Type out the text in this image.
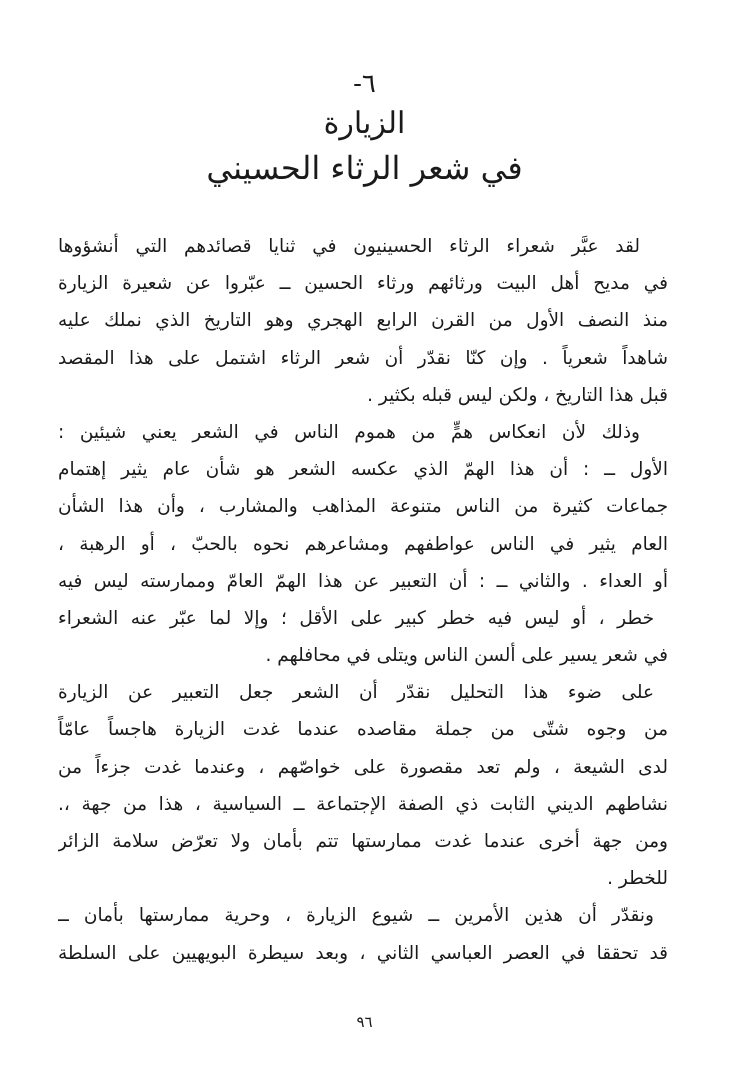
-٦
الزيارة
في شعر الرثاء الحسيني
لقد عبَّر شعراء الرثاء الحسينيون في ثنايا قصائدهم التي أنشؤوها
في مديح أهل البيت ورثائهم ورثاء الحسين ــ عبّروا عن شعيرة الزيارة
منذ النصف الأول من القرن الرابع الهجري وهو التاريخ الذي نملك عليه
شاهداً شعرياً . وإن كنّا نقدّر أن شعر الرثاء اشتمل على هذا المقصد
قبل هذا التاريخ ، ولكن ليس قبله بكثير .
وذلك لأن انعكاس همٍّ من هموم الناس في الشعر يعني شيئين :
الأول ــ : أن هذا الهمّ الذي عكسه الشعر هو شأن عام يثير إهتمام
جماعات كثيرة من الناس متنوعة المذاهب والمشارب ، وأن هذا الشأن
العام يثير في الناس عواطفهم ومشاعرهم نحوه بالحبّ ، أو الرهبة ،
أو العداء . والثاني ــ : أن التعبير عن هذا الهمّ العامّ وممارسته ليس فيه
خطر ، أو ليس فيه خطر كبير على الأقل ؛ وإلا لما عبّر عنه الشعراء
في شعر يسير على ألسن الناس ويتلى في محافلهم .
على ضوء هذا التحليل نقدّر أن الشعر جعل التعبير عن الزيارة
من وجوه شتّى من جملة مقاصده عندما غدت الزيارة هاجساً عامّاً
لدى الشيعة ، ولم تعد مقصورة على خواصّهم ، وعندما غدت جزءاً من
نشاطهم الديني الثابت ذي الصفة الإجتماعة ــ السياسية ، هذا من جهة ،.
ومن جهة أخرى عندما غدت ممارستها تتم بأمان ولا تعرّض سلامة الزائر
للخطر .
ونقدّر أن هذين الأمرين ــ شيوع الزيارة ، وحرية ممارستها بأمان ــ
قد تحققا في العصر العباسي الثاني ، وبعد سيطرة البويهيين على السلطة
٩٦
